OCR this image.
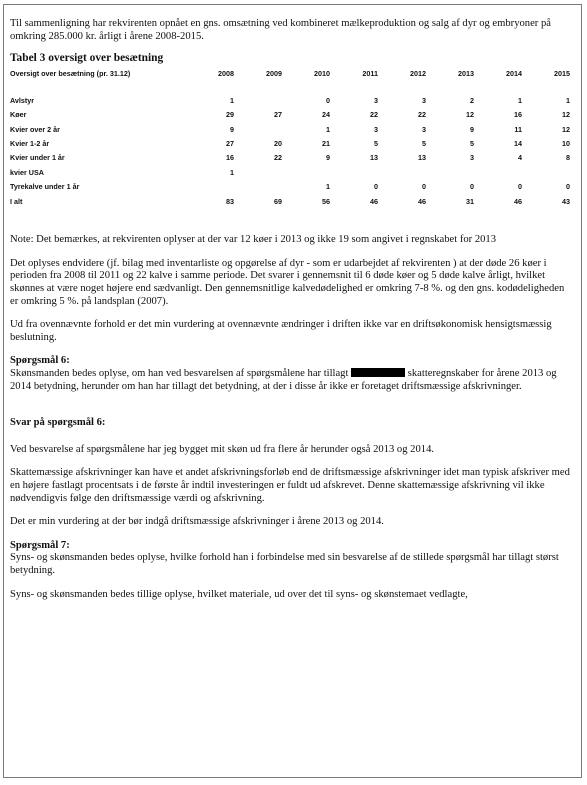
Til sammenligning har rekvirenten opnået en gns. omsætning ved kombineret mælkeproduktion og salg af dyr og embryoner på omkring 285.000 kr. årligt i årene 2008-2015.

Tabel 3 oversigt over besætning
Oversigt over besætning (pr. 31.12)	2008	2009	2010	2011	2012	2013	2014	2015

Avlstyr	1		0	3	3	2	1	1
Køer	29	27	24	22	22	12	16	12
Kvier over 2 år	9		1	3	3	9	11	12
Kvier 1-2 år	27	20	21	5	5	5	14	10
Kvier under 1 år	16	22	9	13	13	3	4	8
kvier USA	1							
Tyrekalve under 1 år			1	0	0	0	0	0
I alt	83	69	56	46	46	31	46	43

Note: Det bemærkes, at rekvirenten oplyser at der var 12 køer i 2013 og ikke 19 som angivet i regnskabet for 2013

Det oplyses endvidere (jf. bilag med inventarliste og opgørelse af dyr - som er udarbejdet af rekvirenten ) at der døde 26 køer i perioden fra 2008 til 2011 og 22 kalve i samme periode. Det svarer i gennemsnit til 6 døde køer og 5 døde kalve årligt, hvilket skønnes at være noget højere end sædvanligt. Den gennemsnitlige kalvedødelighed er omkring 7-8 %. og den gns. kodødeligheden er omkring 5 %. på landsplan (2007).

Ud fra ovennævnte forhold er det min vurdering at ovennævnte ændringer i driften ikke var en driftsøkonomisk hensigtsmæssig beslutning.

Spørgsmål 6:

Skønsmanden bedes oplyse, om han ved besvarelsen af spørgsmålene har tillagt	skatteregnskaber for årene 2013 og 2014 betydning, herunder om han har tillagt det betydning, at der i disse år ikke er foretaget driftsmæssige afskrivninger.

Svar på spørgsmål 6:

Ved besvarelse af spørgsmålene har jeg bygget mit skøn ud fra flere år herunder også 2013 og 2014.

Skattemæssige afskrivninger kan have et andet afskrivningsforløb end de driftsmæssige afskrivninger idet man typisk afskriver med en højere fastlagt procentsats i de første år indtil investeringen er fuldt ud afskrevet. Denne skattemæssige afskrivning vil ikke nødvendigvis følge den driftsmæssige værdi og afskrivning.

Det er min vurdering at der bør indgå driftsmæssige afskrivninger i årene 2013 og 2014.

Spørgsmål 7:

Syns- og skønsmanden bedes oplyse, hvilke forhold han i forbindelse med sin besvarelse af de stillede spørgsmål har tillagt størst betydning.

Syns- og skønsmanden bedes tillige oplyse, hvilket materiale, ud over det til syns- og skønstemaet vedlagte,
